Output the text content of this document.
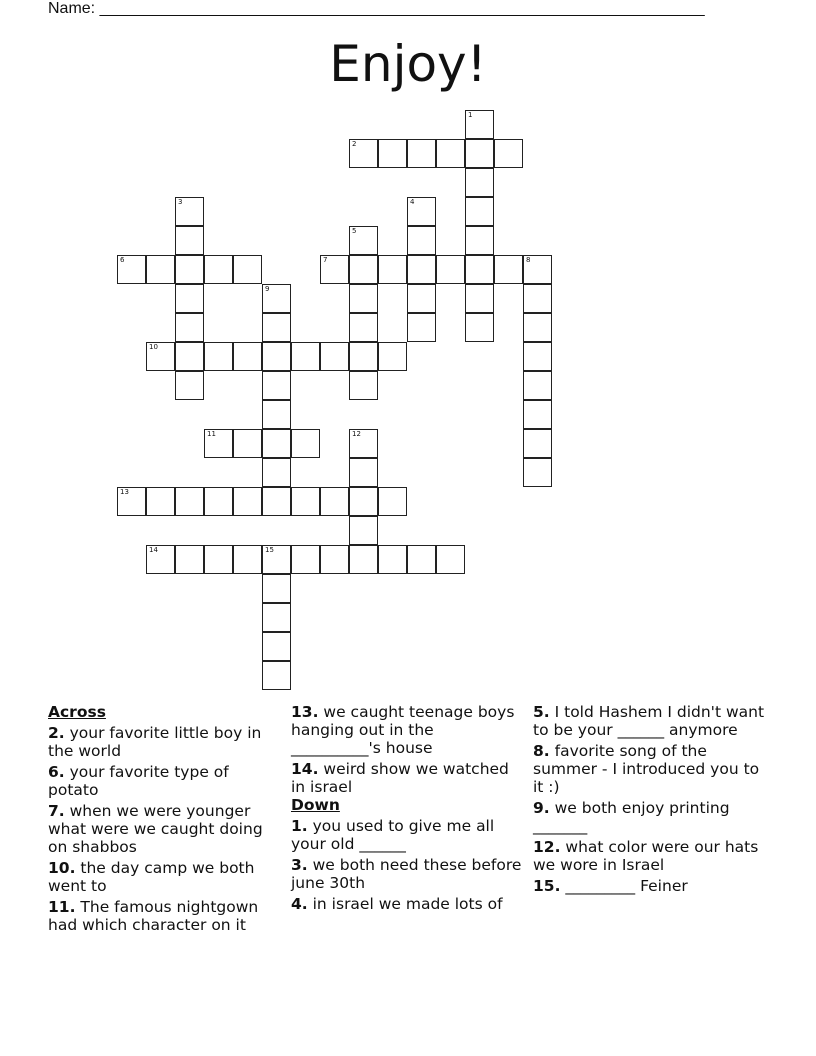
Name: ____________________________________________________________________
Enjoy!
1
2
3	4
5
6	7	8
9
10
11	12
13
14	15
Across
2. your favorite little boy in the world
6. your favorite type of potato
7. when we were younger what were we caught doing on shabbos
10. the day camp we both went to
11. The famous nightgown had which character on it
13. we caught teenage boys hanging out in the __________'s house
14. weird show we watched in israel
Down
1. you used to give me all your old ______
3. we both need these before june 30th
4. in israel we made lots of
5. I told Hashem I didn't want to be your ______ anymore
8. favorite song of the summer - I introduced you to it :)
9. we both enjoy printing _______
12. what color were our hats we wore in Israel
15. _________ Feiner
